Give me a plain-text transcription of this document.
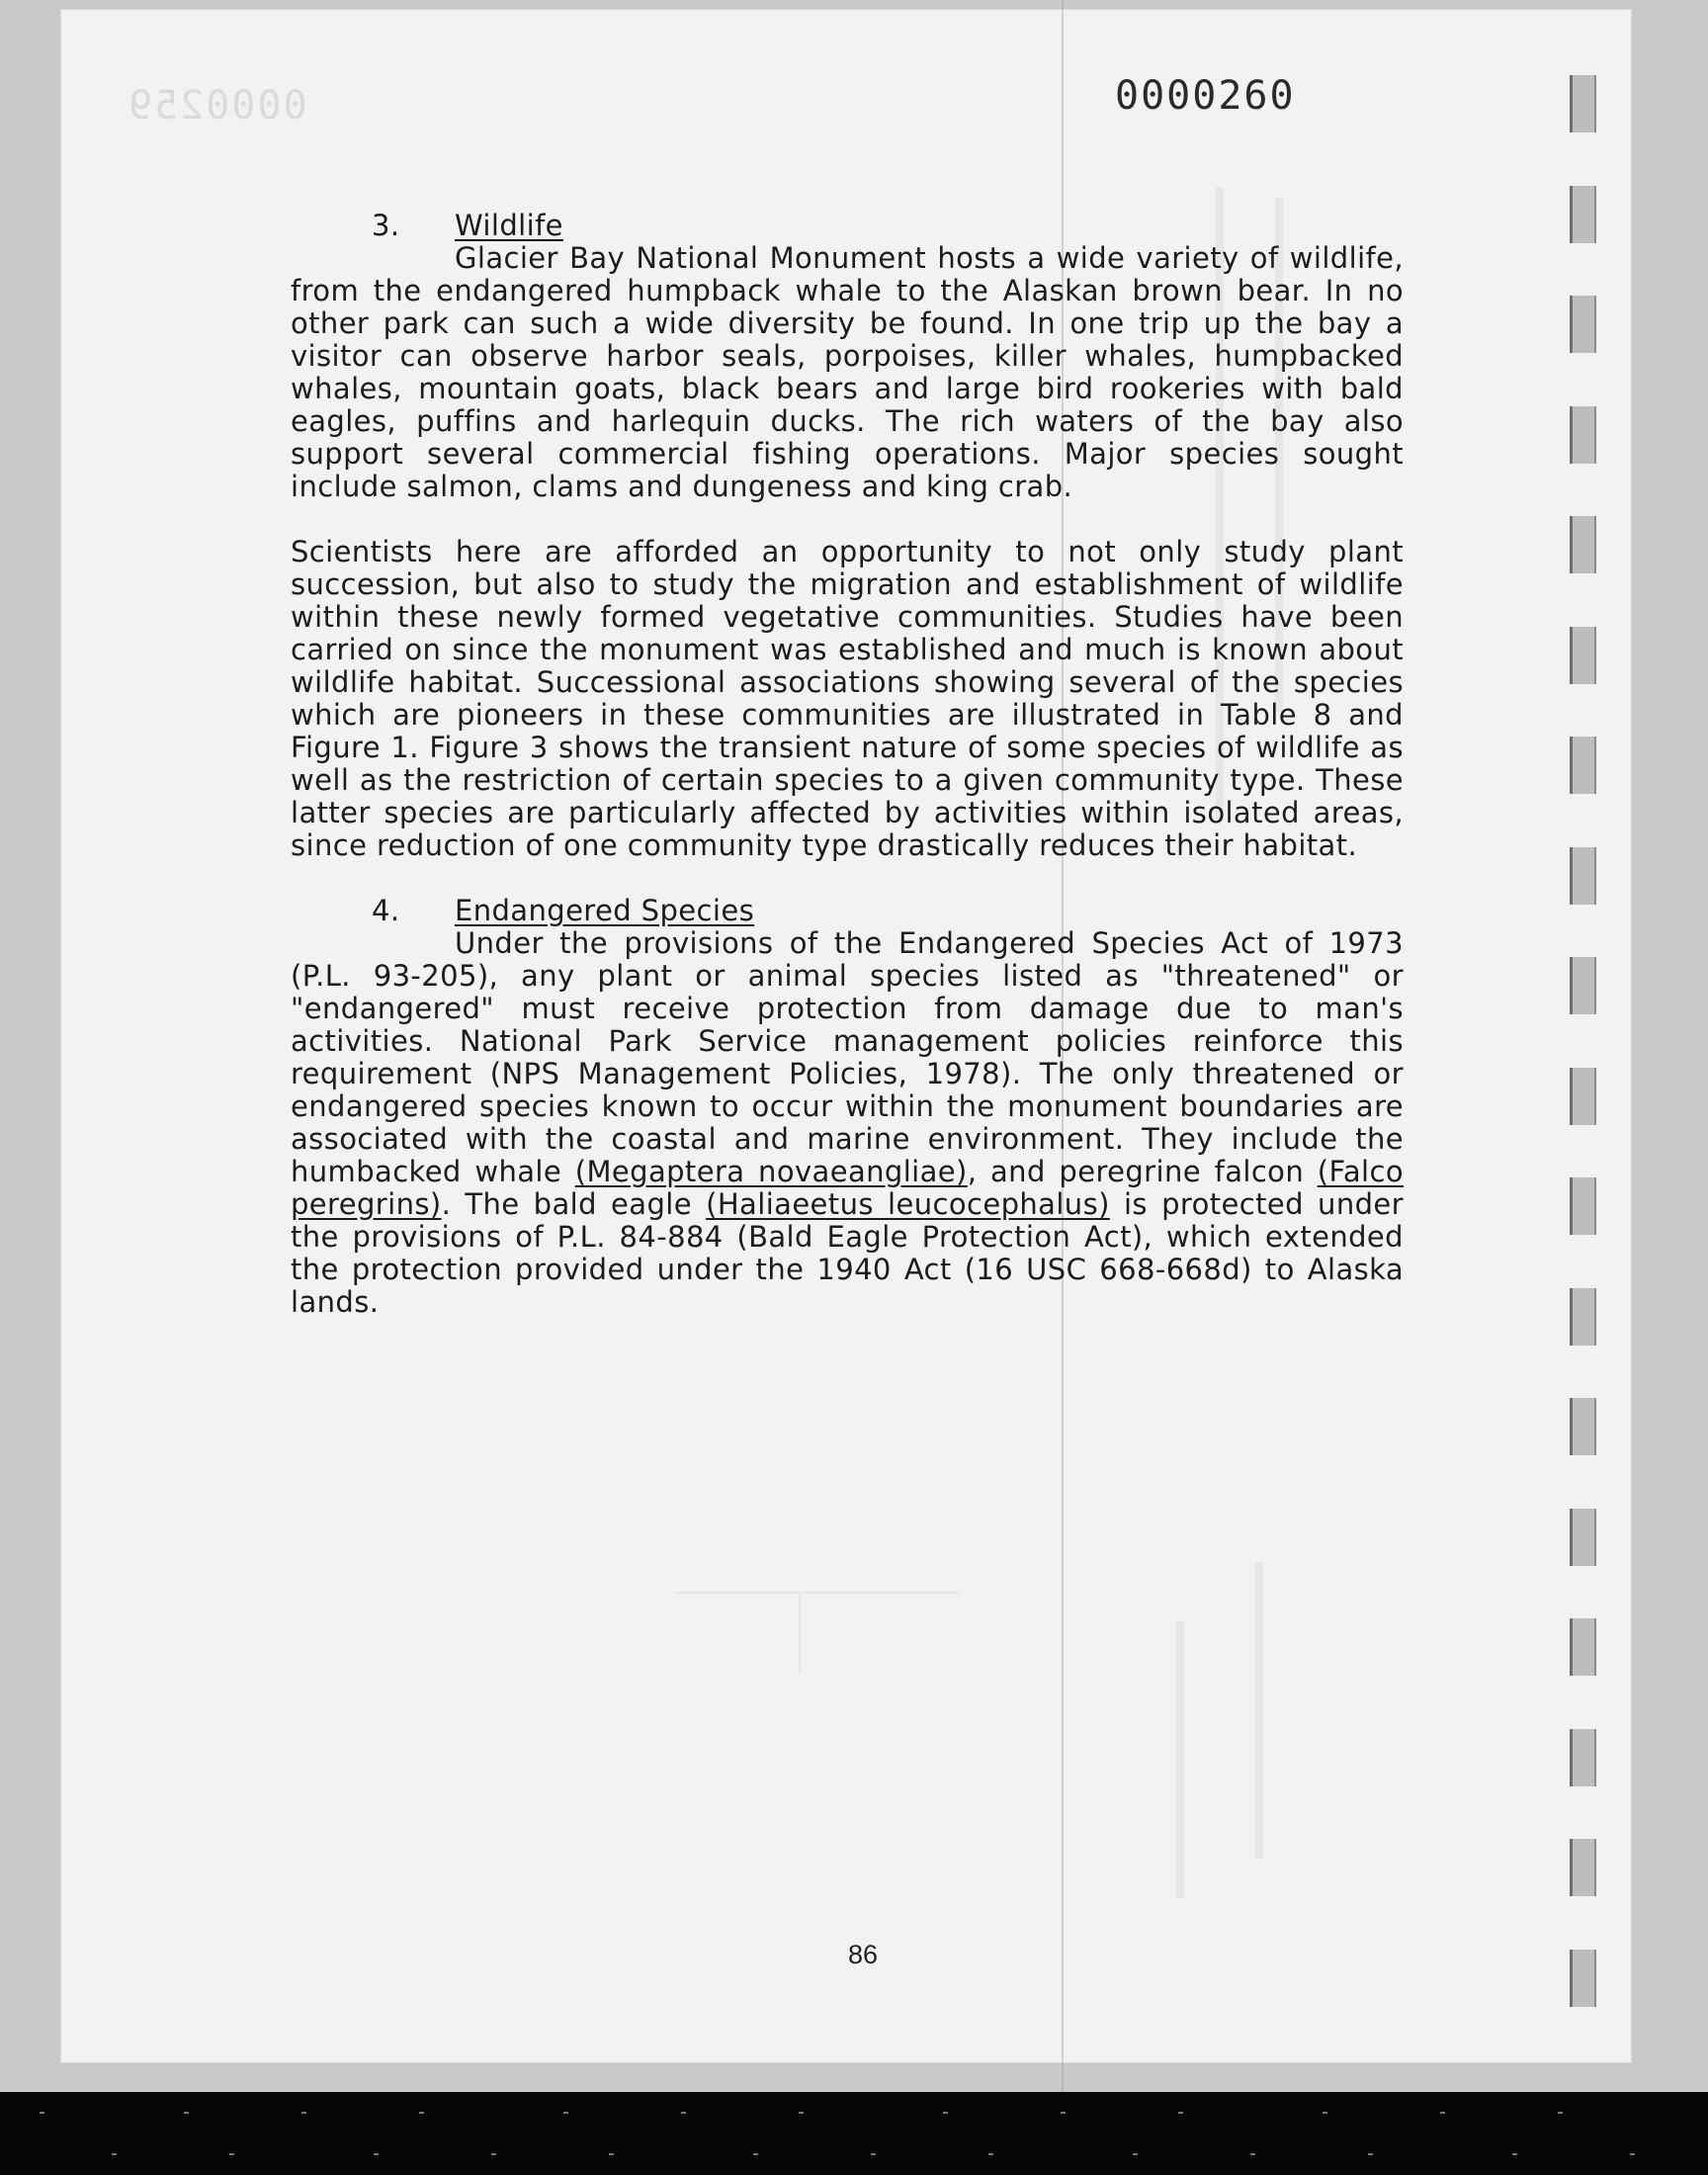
0000259	0000260
3. Wildlife

Glacier Bay National Monument hosts a wide variety of wildlife, from the endangered humpback whale to the Alaskan brown bear. In no other park can such a wide diversity be found. In one trip up the bay a visitor can observe harbor seals, porpoises, killer whales, humpbacked whales, mountain goats, black bears and large bird rookeries with bald eagles, puffins and harlequin ducks. The rich waters of the bay also support several commercial fishing operations. Major species sought include salmon, clams and dungeness and king crab.

Scientists here are afforded an opportunity to not only study plant succession, but also to study the migration and establishment of wildlife within these newly formed vegetative communities. Studies have been carried on since the monument was established and much is known about wildlife habitat. Successional associations showing several of the species which are pioneers in these communities are illustrated in Table 8 and Figure 1. Figure 3 shows the transient nature of some species of wildlife as well as the restriction of certain species to a given community type. These latter species are particularly affected by activities within isolated areas, since reduction of one community type drastically reduces their habitat.

4. Endangered Species

Under the provisions of the Endangered Species Act of 1973 (P.L. 93-205), any plant or animal species listed as "threatened" or "endangered" must receive protection from damage due to man's activities. National Park Service management policies reinforce this requirement (NPS Management Policies, 1978). The only threatened or endangered species known to occur within the monument boundaries are associated with the coastal and marine environment. They include the humbacked whale (Megaptera novaeangliae), and peregrine falcon (Falco peregrins). The bald eagle (Haliaeetus leucocephalus) is protected under the provisions of P.L. 84-884 (Bald Eagle Protection Act), which extended the protection provided under the 1940 Act (16 USC 668-668d) to Alaska lands.

86
